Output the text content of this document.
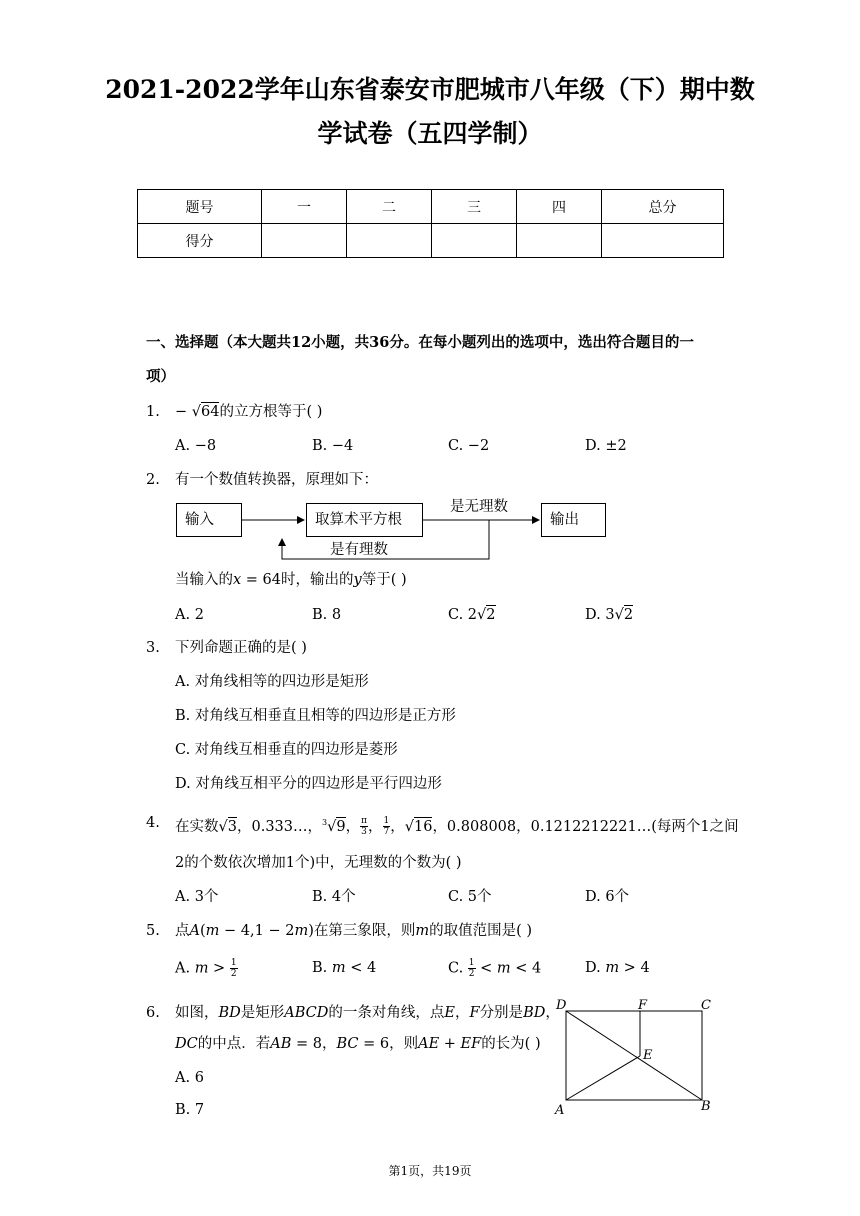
2021-2022学年山东省泰安市肥城市八年级（下）期中数
学试卷（五四学制）
题号	一	二	三	四	总分
得分					
一、选择题（本大题共12小题，共36分。在每小题列出的选项中，选出符合题目的一
项）
1. − √64的立方根等于( )
A. −8	B. −4	C. −2	D. ±2
2. 有一个数值转换器，原理如下：
输入	取算术平方根	输出
是无理数
是有理数
当输入的x = 64时，输出的y等于( )
A. 2	B. 8	C. 2√2	D. 3√2
3. 下列命题正确的是( )
A. 对角线相等的四边形是矩形
B. 对角线互相垂直且相等的四边形是正方形
C. 对角线互相垂直的四边形是菱形
D. 对角线互相平分的四边形是平行四边形
4. 在实数√3，0.333…，$^3$√9， $\frac{\pi}{3}$ ， $\frac{1}{7}$ ，√16，0.808008，0.1212212221…(每两个1之间
2的个数依次增加1个)中，无理数的个数为( )
A. 3个	B. 4个	C. 5个	D. 6个
5. 点A(m − 4,1 − 2m)在第三象限，则m的取值范围是( )
A. $m > \frac{1}{2}$	B. m < 4	C. $\frac{1}{2} < m < 4$	D. m > 4
6. 如图，BD是矩形ABCD的一条对角线，点E，F分别是BD，
DC的中点．若AB = 8，BC = 6，则AE + EF的长为( )
A. 6
B. 7
D	F	C
E
A	B
第1页，共19页
